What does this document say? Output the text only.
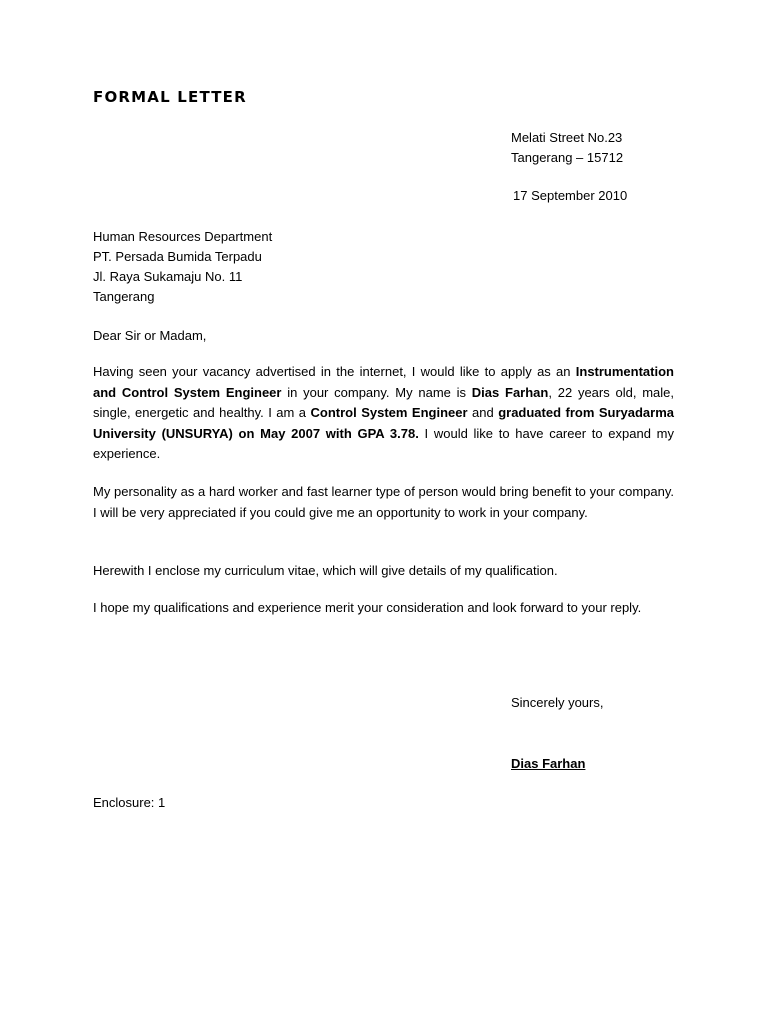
FORMAL LETTER
Melati Street No.23
Tangerang – 15712
17 September 2010
Human Resources Department
PT. Persada Bumida Terpadu
Jl. Raya Sukamaju No. 11
Tangerang
Dear Sir or Madam,
Having seen your vacancy advertised in the internet, I would like to apply as an Instrumentation and Control System Engineer in your company. My name is Dias Farhan, 22 years old, male, single, energetic and healthy. I am a Control System Engineer and graduated from Suryadarma University (UNSURYA) on May 2007 with GPA 3.78. I would like to have career to expand my experience.
My personality as a hard worker and fast learner type of person would bring benefit to your company. I will be very appreciated if you could give me an opportunity to work in your company.
Herewith I enclose my curriculum vitae, which will give details of my qualification.
I hope my qualifications and experience merit your consideration and look forward to your reply.
Sincerely yours,
Dias Farhan
Enclosure: 1
